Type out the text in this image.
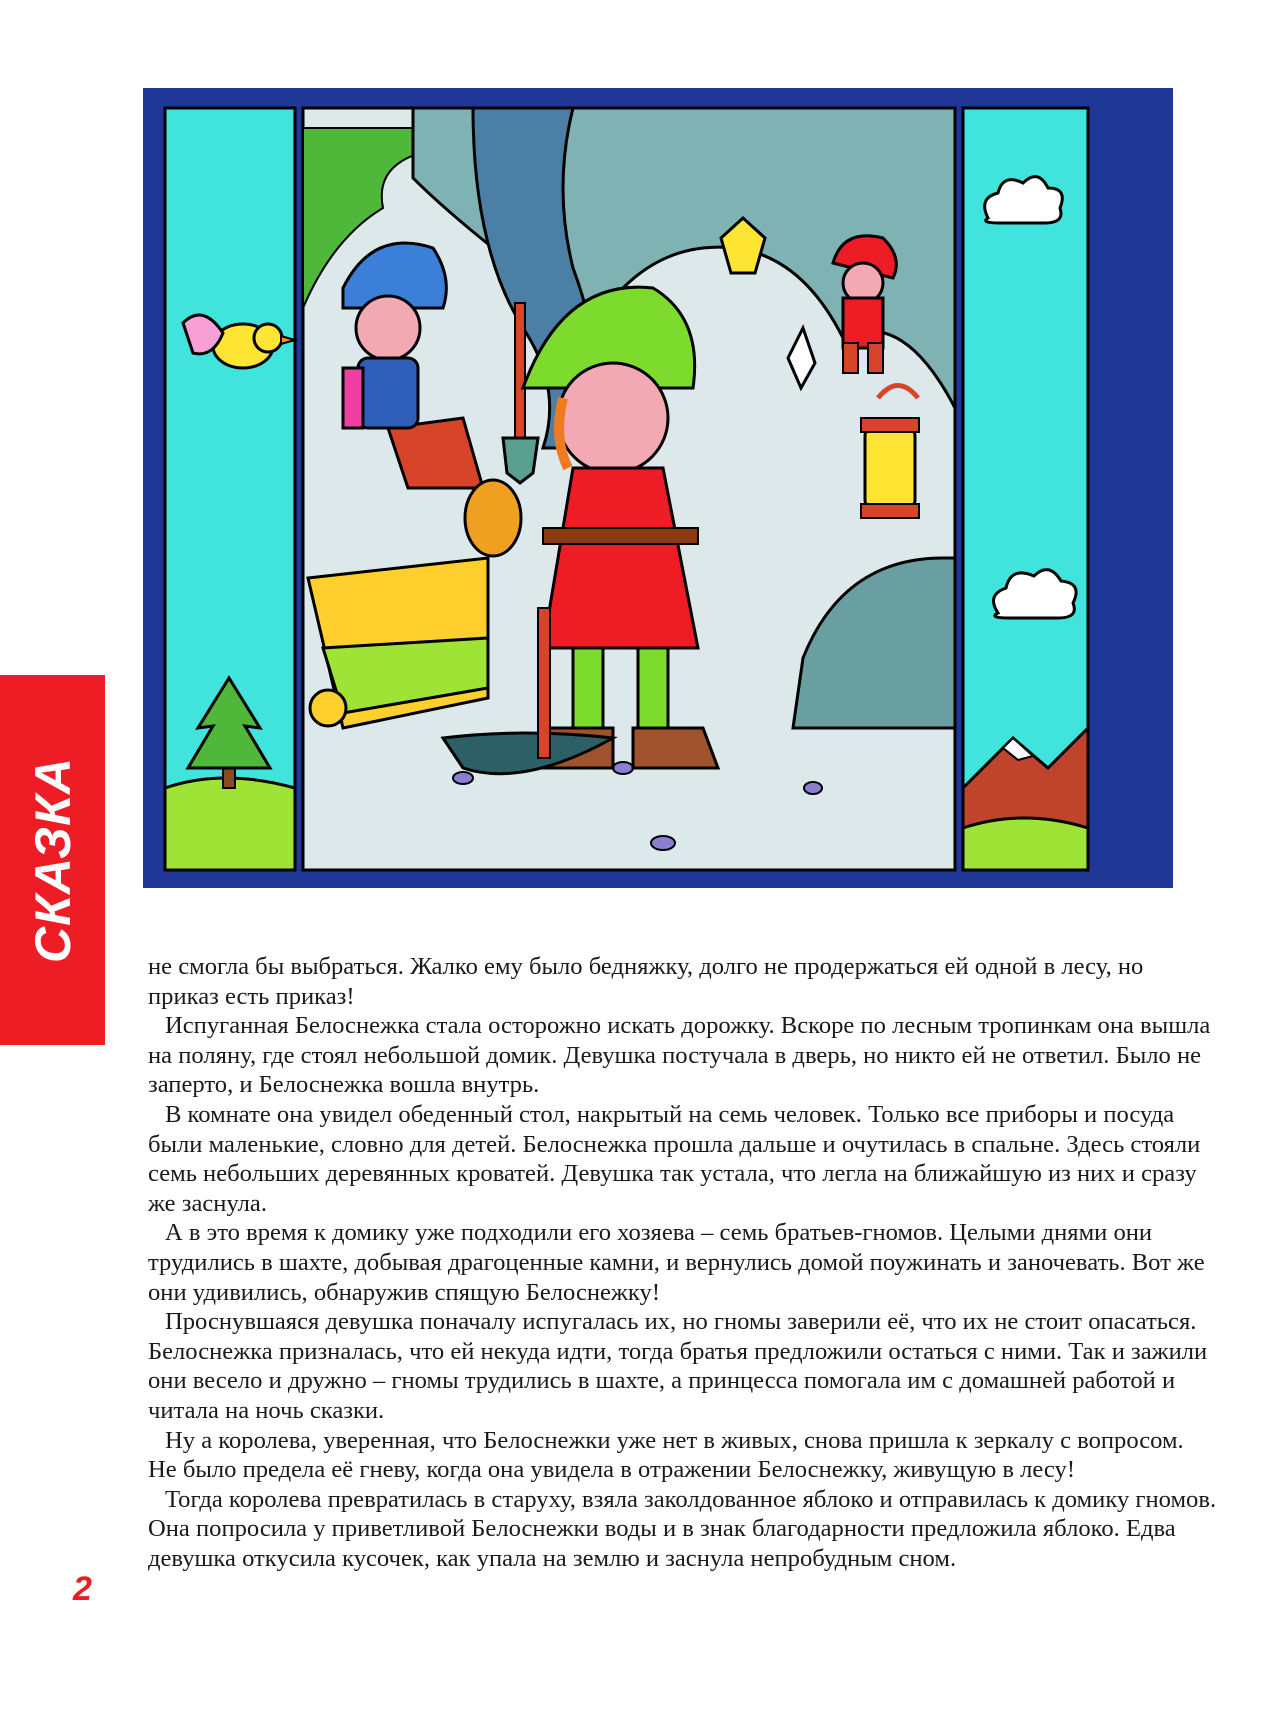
СКАЗКА

не смогла бы выбраться. Жалко ему было бедняжку, долго не продержаться ей одной в лесу, но приказ есть приказ!

Испуганная Белоснежка стала осторожно искать дорожку. Вскоре по лесным тропинкам она вышла на поляну, где стоял небольшой домик. Девушка постучала в дверь, но никто ей не ответил. Было не заперто, и Белоснежка вошла внутрь.

В комнате она увидел обеденный стол, накрытый на семь человек. Только все приборы и посуда были маленькие, словно для детей. Белоснежка прошла дальше и очутилась в спальне. Здесь стояли семь небольших деревянных кроватей. Девушка так устала, что легла на ближайшую из них и сразу же заснула.

А в это время к домику уже подходили его хозяева – семь братьев-гномов. Целыми днями они трудились в шахте, добывая драгоценные камни, и вернулись домой поужинать и заночевать. Вот же они удивились, обнаружив спящую Белоснежку!

Проснувшаяся девушка поначалу испугалась их, но гномы заверили её, что их не стоит опасаться. Белоснежка призналась, что ей некуда идти, тогда братья предложили остаться с ними. Так и зажили они весело и дружно – гномы трудились в шахте, а принцесса помогала им с домашней работой и читала на ночь сказки.

Ну а королева, уверенная, что Белоснежки уже нет в живых, снова пришла к зеркалу с вопросом. Не было предела её гневу, когда она увидела в отражении Белоснежку, живущую в лесу!

Тогда королева превратилась в старуху, взяла заколдованное яблоко и отправилась к домику гномов. Она попросила у приветливой Белоснежки воды и в знак благодарности предложила яблоко. Едва девушка откусила кусочек, как упала на землю и заснула непробудным сном.

2
